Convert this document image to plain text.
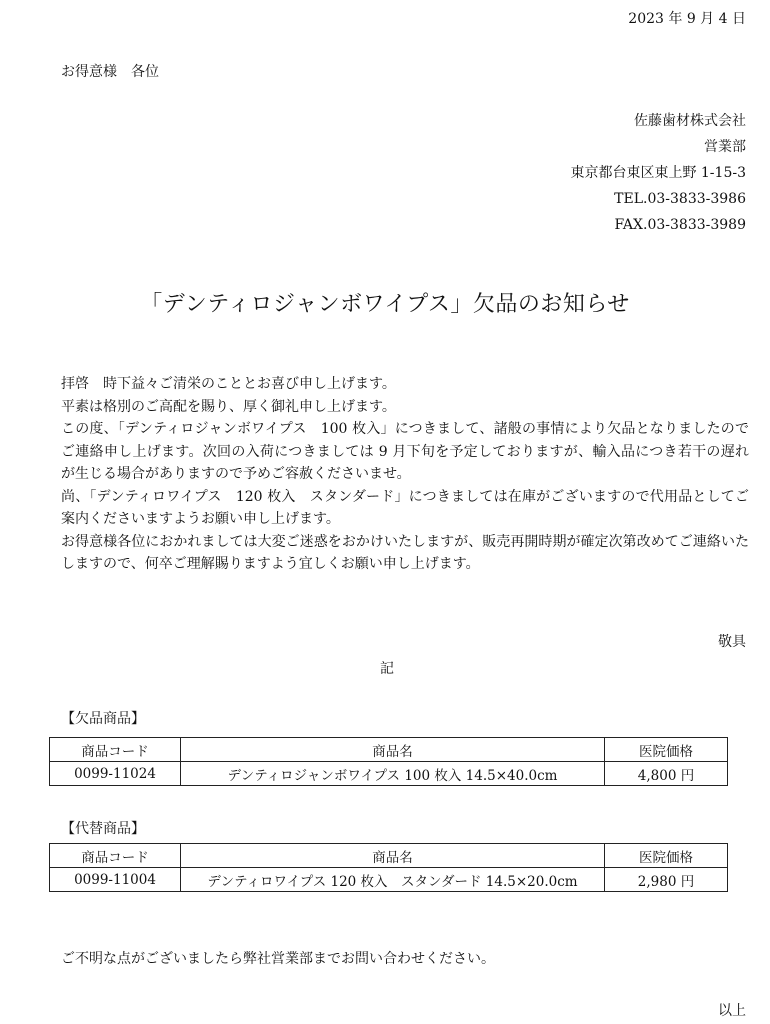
2023 年 9 月 4 日
お得意様　各位
佐藤歯材株式会社
営業部
東京都台東区東上野 1-15-3
TEL.03-3833-3986
FAX.03-3833-3989
「デンティロジャンボワイプス」欠品のお知らせ

拝啓　時下益々ご清栄のこととお喜び申し上げます。

平素は格別のご高配を賜り、厚く御礼申し上げます。

この度、「デンティロジャンボワイプス　100 枚入」につきまして、諸般の事情により欠品となりましたのでご連絡申し上げます。次回の入荷につきましては 9 月下旬を予定しておりますが、輸入品につき若干の遅れが生じる場合がありますので予めご容赦くださいませ。

尚、「デンティロワイプス　120 枚入　スタンダード」につきましては在庫がございますので代用品としてご案内くださいますようお願い申し上げます。

お得意様各位におかれましては大変ご迷惑をおかけいたしますが、販売再開時期が確定次第改めてご連絡いたしますので、何卒ご理解賜りますよう宜しくお願い申し上げます。

敬具
記
【欠品商品】
商品コード	商品名	医院価格
0099-11024	デンティロジャンボワイプス 100 枚入 14.5×40.0cm	4,800 円
【代替商品】
商品コード	商品名	医院価格
0099-11004	デンティロワイプス 120 枚入　スタンダード 14.5×20.0cm	2,980 円
ご不明な点がございましたら弊社営業部までお問い合わせください。
以上
